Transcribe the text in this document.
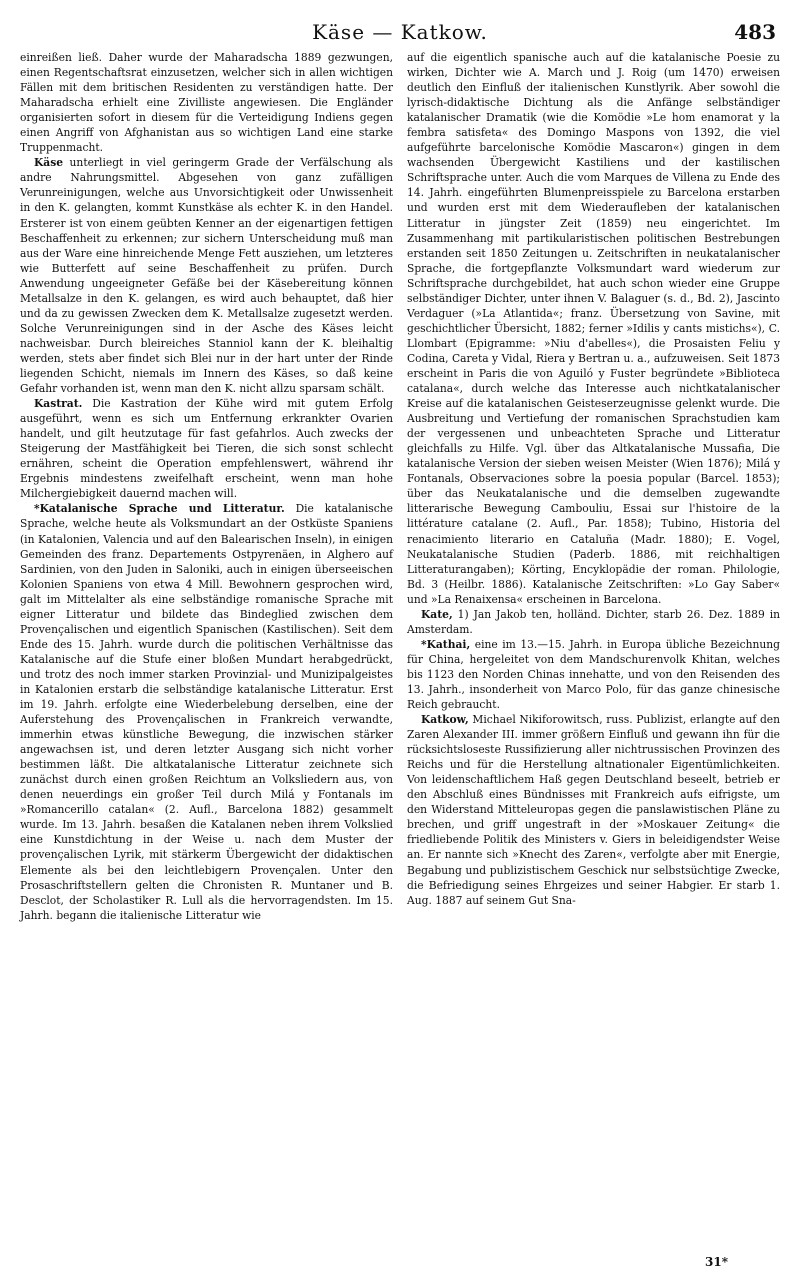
Käse — Katkow.	483

einreißen ließ. Daher wurde der Maharadscha 1889 gezwungen, einen Regentschaftsrat einzusetzen, welcher sich in allen wichtigen Fällen mit dem britischen Residenten zu verständigen hatte. Der Maharadscha erhielt eine Zivilliste angewiesen. Die Engländer organisierten sofort in diesem für die Verteidigung Indiens gegen einen Angriff von Afghanistan aus so wichtigen Land eine starke Truppenmacht.

Käse unterliegt in viel geringerm Grade der Verfälschung als andre Nahrungsmittel. Abgesehen von ganz zufälligen Verunreinigungen, welche aus Unvorsichtigkeit oder Unwissenheit in den K. gelangten, kommt Kunstkäse als echter K. in den Handel. Ersterer ist von einem geübten Kenner an der eigenartigen fettigen Beschaffenheit zu erkennen; zur sichern Unterscheidung muß man aus der Ware eine hinreichende Menge Fett ausziehen, um letzteres wie Butterfett auf seine Beschaffenheit zu prüfen. Durch Anwendung ungeeigneter Gefäße bei der Käsebereitung können Metallsalze in den K. gelangen, es wird auch behauptet, daß hier und da zu gewissen Zwecken dem K. Metallsalze zugesetzt werden. Solche Verunreinigungen sind in der Asche des Käses leicht nachweisbar. Durch bleireiches Stanniol kann der K. bleihaltig werden, stets aber findet sich Blei nur in der hart unter der Rinde liegenden Schicht, niemals im Innern des Käses, so daß keine Gefahr vorhanden ist, wenn man den K. nicht allzu sparsam schält.

Kastrat. Die Kastration der Kühe wird mit gutem Erfolg ausgeführt, wenn es sich um Entfernung erkrankter Ovarien handelt, und gilt heutzutage für fast gefahrlos. Auch zwecks der Steigerung der Mastfähigkeit bei Tieren, die sich sonst schlecht ernähren, scheint die Operation empfehlenswert, während ihr Ergebnis mindestens zweifelhaft erscheint, wenn man hohe Milchergiebigkeit dauernd machen will.

*Katalanische Sprache und Litteratur. Die katalanische Sprache, welche heute als Volksmundart an der Ostküste Spaniens (in Katalonien, Valencia und auf den Balearischen Inseln), in einigen Gemeinden des franz. Departements Ostpyrenäen, in Alghero auf Sardinien, von den Juden in Saloniki, auch in einigen überseeischen Kolonien Spaniens von etwa 4 Mill. Bewohnern gesprochen wird, galt im Mittelalter als eine selbständige romanische Sprache mit eigner Litteratur und bildete das Bindeglied zwischen dem Provençalischen und eigentlich Spanischen (Kastilischen). Seit dem Ende des 15. Jahrh. wurde durch die politischen Verhältnisse das Katalanische auf die Stufe einer bloßen Mundart herabgedrückt, und trotz des noch immer starken Provinzial- und Munizipalgeistes in Katalonien erstarb die selbständige katalanische Litteratur. Erst im 19. Jahrh. erfolgte eine Wiederbelebung derselben, eine der Auferstehung des Provençalischen in Frankreich verwandte, immerhin etwas künstliche Bewegung, die inzwischen stärker angewachsen ist, und deren letzter Ausgang sich nicht vorher bestimmen läßt. Die altkatalanische Litteratur zeichnete sich zunächst durch einen großen Reichtum an Volksliedern aus, von denen neuerdings ein großer Teil durch Milá y Fontanals im »Romancerillo catalan« (2. Aufl., Barcelona 1882) gesammelt wurde. Im 13. Jahrh. besaßen die Katalanen neben ihrem Volkslied eine Kunstdichtung in der Weise u. nach dem Muster der provençalischen Lyrik, mit stärkerm Übergewicht der didaktischen Elemente als bei den leichtlebigern Provençalen. Unter den Prosaschriftstellern gelten die Chronisten R. Muntaner und B. Desclot, der Scholastiker R. Lull als die hervorragendsten. Im 15. Jahrh. begann die italienische Litteratur wie

auf die eigentlich spanische auch auf die katalanische Poesie zu wirken, Dichter wie A. March und J. Roig (um 1470) erweisen deutlich den Einfluß der italienischen Kunstlyrik. Aber sowohl die lyrisch-didaktische Dichtung als die Anfänge selbständiger katalanischer Dramatik (wie die Komödie »Le hom enamorat y la fembra satisfeta« des Domingo Maspons von 1392, die viel aufgeführte barcelonische Komödie Mascaron«) gingen in dem wachsenden Übergewicht Kastiliens und der kastilischen Schriftsprache unter. Auch die vom Marques de Villena zu Ende des 14. Jahrh. eingeführten Blumenpreisspiele zu Barcelona erstarben und wurden erst mit dem Wiederaufleben der katalanischen Litteratur in jüngster Zeit (1859) neu eingerichtet. Im Zusammenhang mit partikularistischen politischen Bestrebungen erstanden seit 1850 Zeitungen u. Zeitschriften in neukatalanischer Sprache, die fortgepflanzte Volksmundart ward wiederum zur Schriftsprache durchgebildet, hat auch schon wieder eine Gruppe selbständiger Dichter, unter ihnen V. Balaguer (s. d., Bd. 2), Jascinto Verdaguer (»La Atlantida«; franz. Übersetzung von Savine, mit geschichtlicher Übersicht, 1882; ferner »Idilis y cants mistichs«), C. Llombart (Epigramme: »Niu d'abelles«), die Prosaisten Feliu y Codina, Careta y Vidal, Riera y Bertran u. a., aufzuweisen. Seit 1873 erscheint in Paris die von Aguiló y Fuster begründete »Biblioteca catalana«, durch welche das Interesse auch nichtkatalanischer Kreise auf die katalanischen Geisteserzeugnisse gelenkt wurde. Die Ausbreitung und Vertiefung der romanischen Sprachstudien kam der vergessenen und unbeachteten Sprache und Litteratur gleichfalls zu Hilfe. Vgl. über das Altkatalanische Mussafia, Die katalanische Version der sieben weisen Meister (Wien 1876); Milá y Fontanals, Observaciones sobre la poesia popular (Barcel. 1853); über das Neukatalanische und die demselben zugewandte litterarische Bewegung Cambouliu, Essai sur l'histoire de la littérature catalane (2. Aufl., Par. 1858); Tubino, Historia del renacimiento literario en Cataluña (Madr. 1880); E. Vogel, Neukatalanische Studien (Paderb. 1886, mit reichhaltigen Litteraturangaben); Körting, Encyklopädie der roman. Philologie, Bd. 3 (Heilbr. 1886). Katalanische Zeitschriften: »Lo Gay Saber« und »La Renaixensa« erscheinen in Barcelona.

Kate, 1) Jan Jakob ten, holländ. Dichter, starb 26. Dez. 1889 in Amsterdam.

*Kathai, eine im 13.—15. Jahrh. in Europa übliche Bezeichnung für China, hergeleitet von dem Mandschurenvolk Khitan, welches bis 1123 den Norden Chinas innehatte, und von den Reisenden des 13. Jahrh., insonderheit von Marco Polo, für das ganze chinesische Reich gebraucht.

Katkow, Michael Nikiforowitsch, russ. Publizist, erlangte auf den Zaren Alexander III. immer größern Einfluß und gewann ihn für die rücksichtsloseste Russifizierung aller nichtrussischen Provinzen des Reichs und für die Herstellung altnationaler Eigentümlichkeiten. Von leidenschaftlichem Haß gegen Deutschland beseelt, betrieb er den Abschluß eines Bündnisses mit Frankreich aufs eifrigste, um den Widerstand Mitteleuropas gegen die panslawistischen Pläne zu brechen, und griff ungestraft in der »Moskauer Zeitung« die friedliebende Politik des Ministers v. Giers in beleidigendster Weise an. Er nannte sich »Knecht des Zaren«, verfolgte aber mit Energie, Begabung und publizistischem Geschick nur selbstsüchtige Zwecke, die Befriedigung seines Ehrgeizes und seiner Habgier. Er starb 1. Aug. 1887 auf seinem Gut Sna-

31*
